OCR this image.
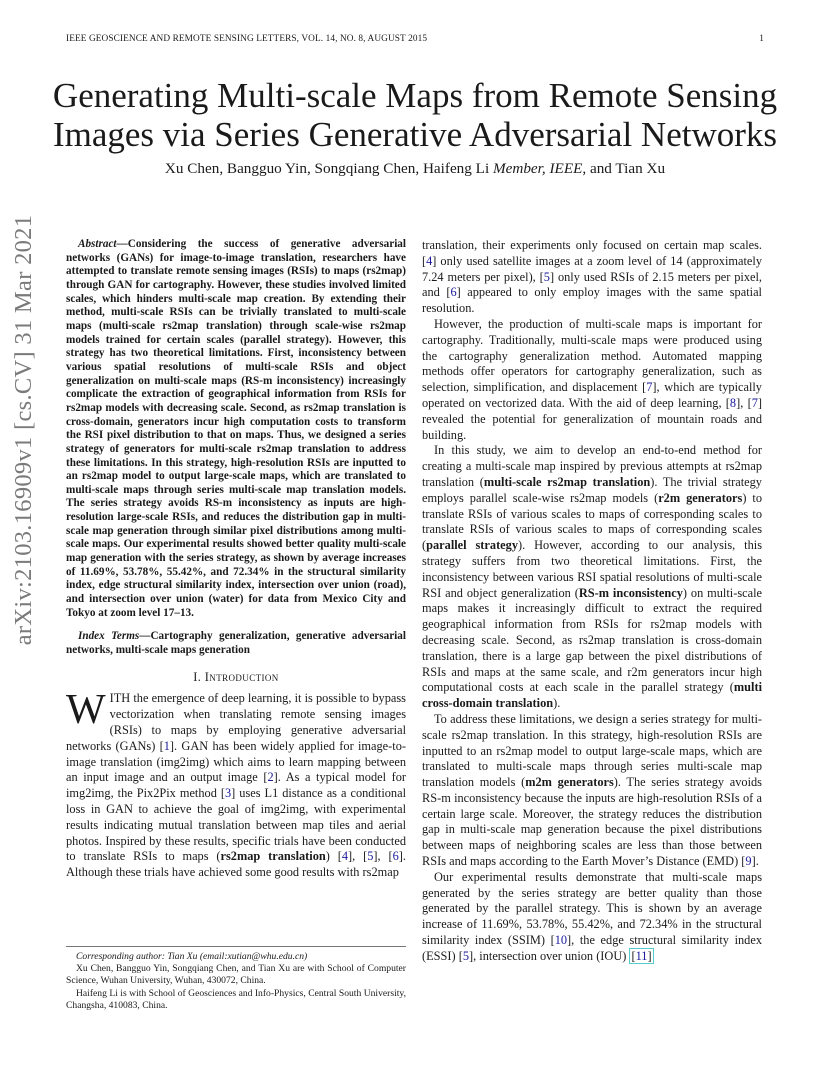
IEEE GEOSCIENCE AND REMOTE SENSING LETTERS, VOL. 14, NO. 8, AUGUST 2015	1
Generating Multi-scale Maps from Remote Sensing Images via Series Generative Adversarial Networks
Xu Chen, Bangguo Yin, Songqiang Chen, Haifeng Li Member, IEEE, and Tian Xu
arXiv:2103.16909v1 [cs.CV] 31 Mar 2021	Abstract—Considering the success of generative adversarial networks (GANs) for image-to-image translation, researchers have attempted to translate remote sensing images (RSIs) to maps (rs2map) through GAN for cartography. However, these studies involved limited scales, which hinders multi-scale map creation. By extending their method, multi-scale RSIs can be trivially translated to multi-scale maps (multi-scale rs2map translation) through scale-wise rs2map models trained for certain scales (parallel strategy). However, this strategy has two theoretical limitations. First, inconsistency between various spatial resolutions of multi-scale RSIs and object generalization on multi-scale maps (RS-m inconsistency) increasingly complicate the extraction of geographical information from RSIs for rs2map models with decreasing scale. Second, as rs2map translation is cross-domain, generators incur high computation costs to transform the RSI pixel distribution to that on maps. Thus, we designed a series strategy of generators for multi-scale rs2map translation to address these limitations. In this strategy, high-resolution RSIs are inputted to an rs2map model to output large-scale maps, which are translated to multi-scale maps through series multi-scale map translation models. The series strategy avoids RS-m inconsistency as inputs are high-resolution large-scale RSIs, and reduces the distribution gap in multi-scale map generation through similar pixel distributions among multi-scale maps. Our experimental results showed better quality multi-scale map generation with the series strategy, as shown by average increases of 11.69%, 53.78%, 55.42%, and 72.34% in the structural similarity index, edge structural similarity index, intersection over union (road), and intersection over union (water) for data from Mexico City and Tokyo at zoom level 17–13.

Index Terms—Cartography generalization, generative adversarial networks, multi-scale maps generation

I. Introduction

WITH the emergence of deep learning, it is possible to bypass vectorization when translating remote sensing images (RSIs) to maps by employing generative adversarial networks (GANs) [ 1 ] . GAN has been widely applied for image-to-image translation (img2img) which aims to learn mapping between an input image and an output image [ 2 ] . As a typical model for img2img, the Pix2Pix method [ 3 ] uses L1 distance as a conditional loss in GAN to achieve the goal of img2img, with experimental results indicating mutual translation between map tiles and aerial photos. Inspired by these results, specific trials have been conducted to translate RSIs to maps (rs2map translation) [ 4 ] , [ 5 ] , [ 6 ] . Although these trials have achieved some good results with rs2map

Corresponding author: Tian Xu (email:xutian@whu.edu.cn)

Xu Chen, Bangguo Yin, Songqiang Chen, and Tian Xu are with School of Computer Science, Wuhan University, Wuhan, 430072, China.

Haifeng Li is with School of Geosciences and Info-Physics, Central South University, Changsha, 410083, China.

translation, their experiments only focused on certain map scales. [ 4 ] only used satellite images at a zoom level of 14 (approximately 7.24 meters per pixel), [ 5 ] only used RSIs of 2.15 meters per pixel, and [ 6 ] appeared to only employ images with the same spatial resolution.

However, the production of multi-scale maps is important for cartography. Traditionally, multi-scale maps were produced using the cartography generalization method. Automated mapping methods offer operators for cartography generalization, such as selection, simplification, and displacement [ 7 ] , which are typically operated on vectorized data. With the aid of deep learning, [ 8 ] , [ 7 ] revealed the potential for generalization of mountain roads and building.

In this study, we aim to develop an end-to-end method for creating a multi-scale map inspired by previous attempts at rs2map translation (multi-scale rs2map translation). The trivial strategy employs parallel scale-wise rs2map models (r2m generators) to translate RSIs of various scales to maps of corresponding scales to translate RSIs of various scales to maps of corresponding scales (parallel strategy). However, according to our analysis, this strategy suffers from two theoretical limitations. First, the inconsistency between various RSI spatial resolutions of multi-scale RSI and object generalization (RS-m inconsistency) on multi-scale maps makes it increasingly difficult to extract the required geographical information from RSIs for rs2map models with decreasing scale. Second, as rs2map translation is cross-domain translation, there is a large gap between the pixel distributions of RSIs and maps at the same scale, and r2m generators incur high computational costs at each scale in the parallel strategy (multi cross-domain translation).

To address these limitations, we design a series strategy for multi-scale rs2map translation. In this strategy, high-resolution RSIs are inputted to an rs2map model to output large-scale maps, which are translated to multi-scale maps through series multi-scale map translation models (m2m generators). The series strategy avoids RS-m inconsistency because the inputs are high-resolution RSIs of a certain large scale. Moreover, the strategy reduces the distribution gap in multi-scale map generation because the pixel distributions between maps of neighboring scales are less than those between RSIs and maps according to the Earth Mover’s Distance (EMD) [ 9 ] .

Our experimental results demonstrate that multi-scale maps generated by the series strategy are better quality than those generated by the parallel strategy. This is shown by an average increase of 11.69%, 53.78%, 55.42%, and 72.34% in the structural similarity index (SSIM) [ 10 ] , the edge structural similarity index (ESSI) [ 5 ] , intersection over union (IOU) [ 11 ]
